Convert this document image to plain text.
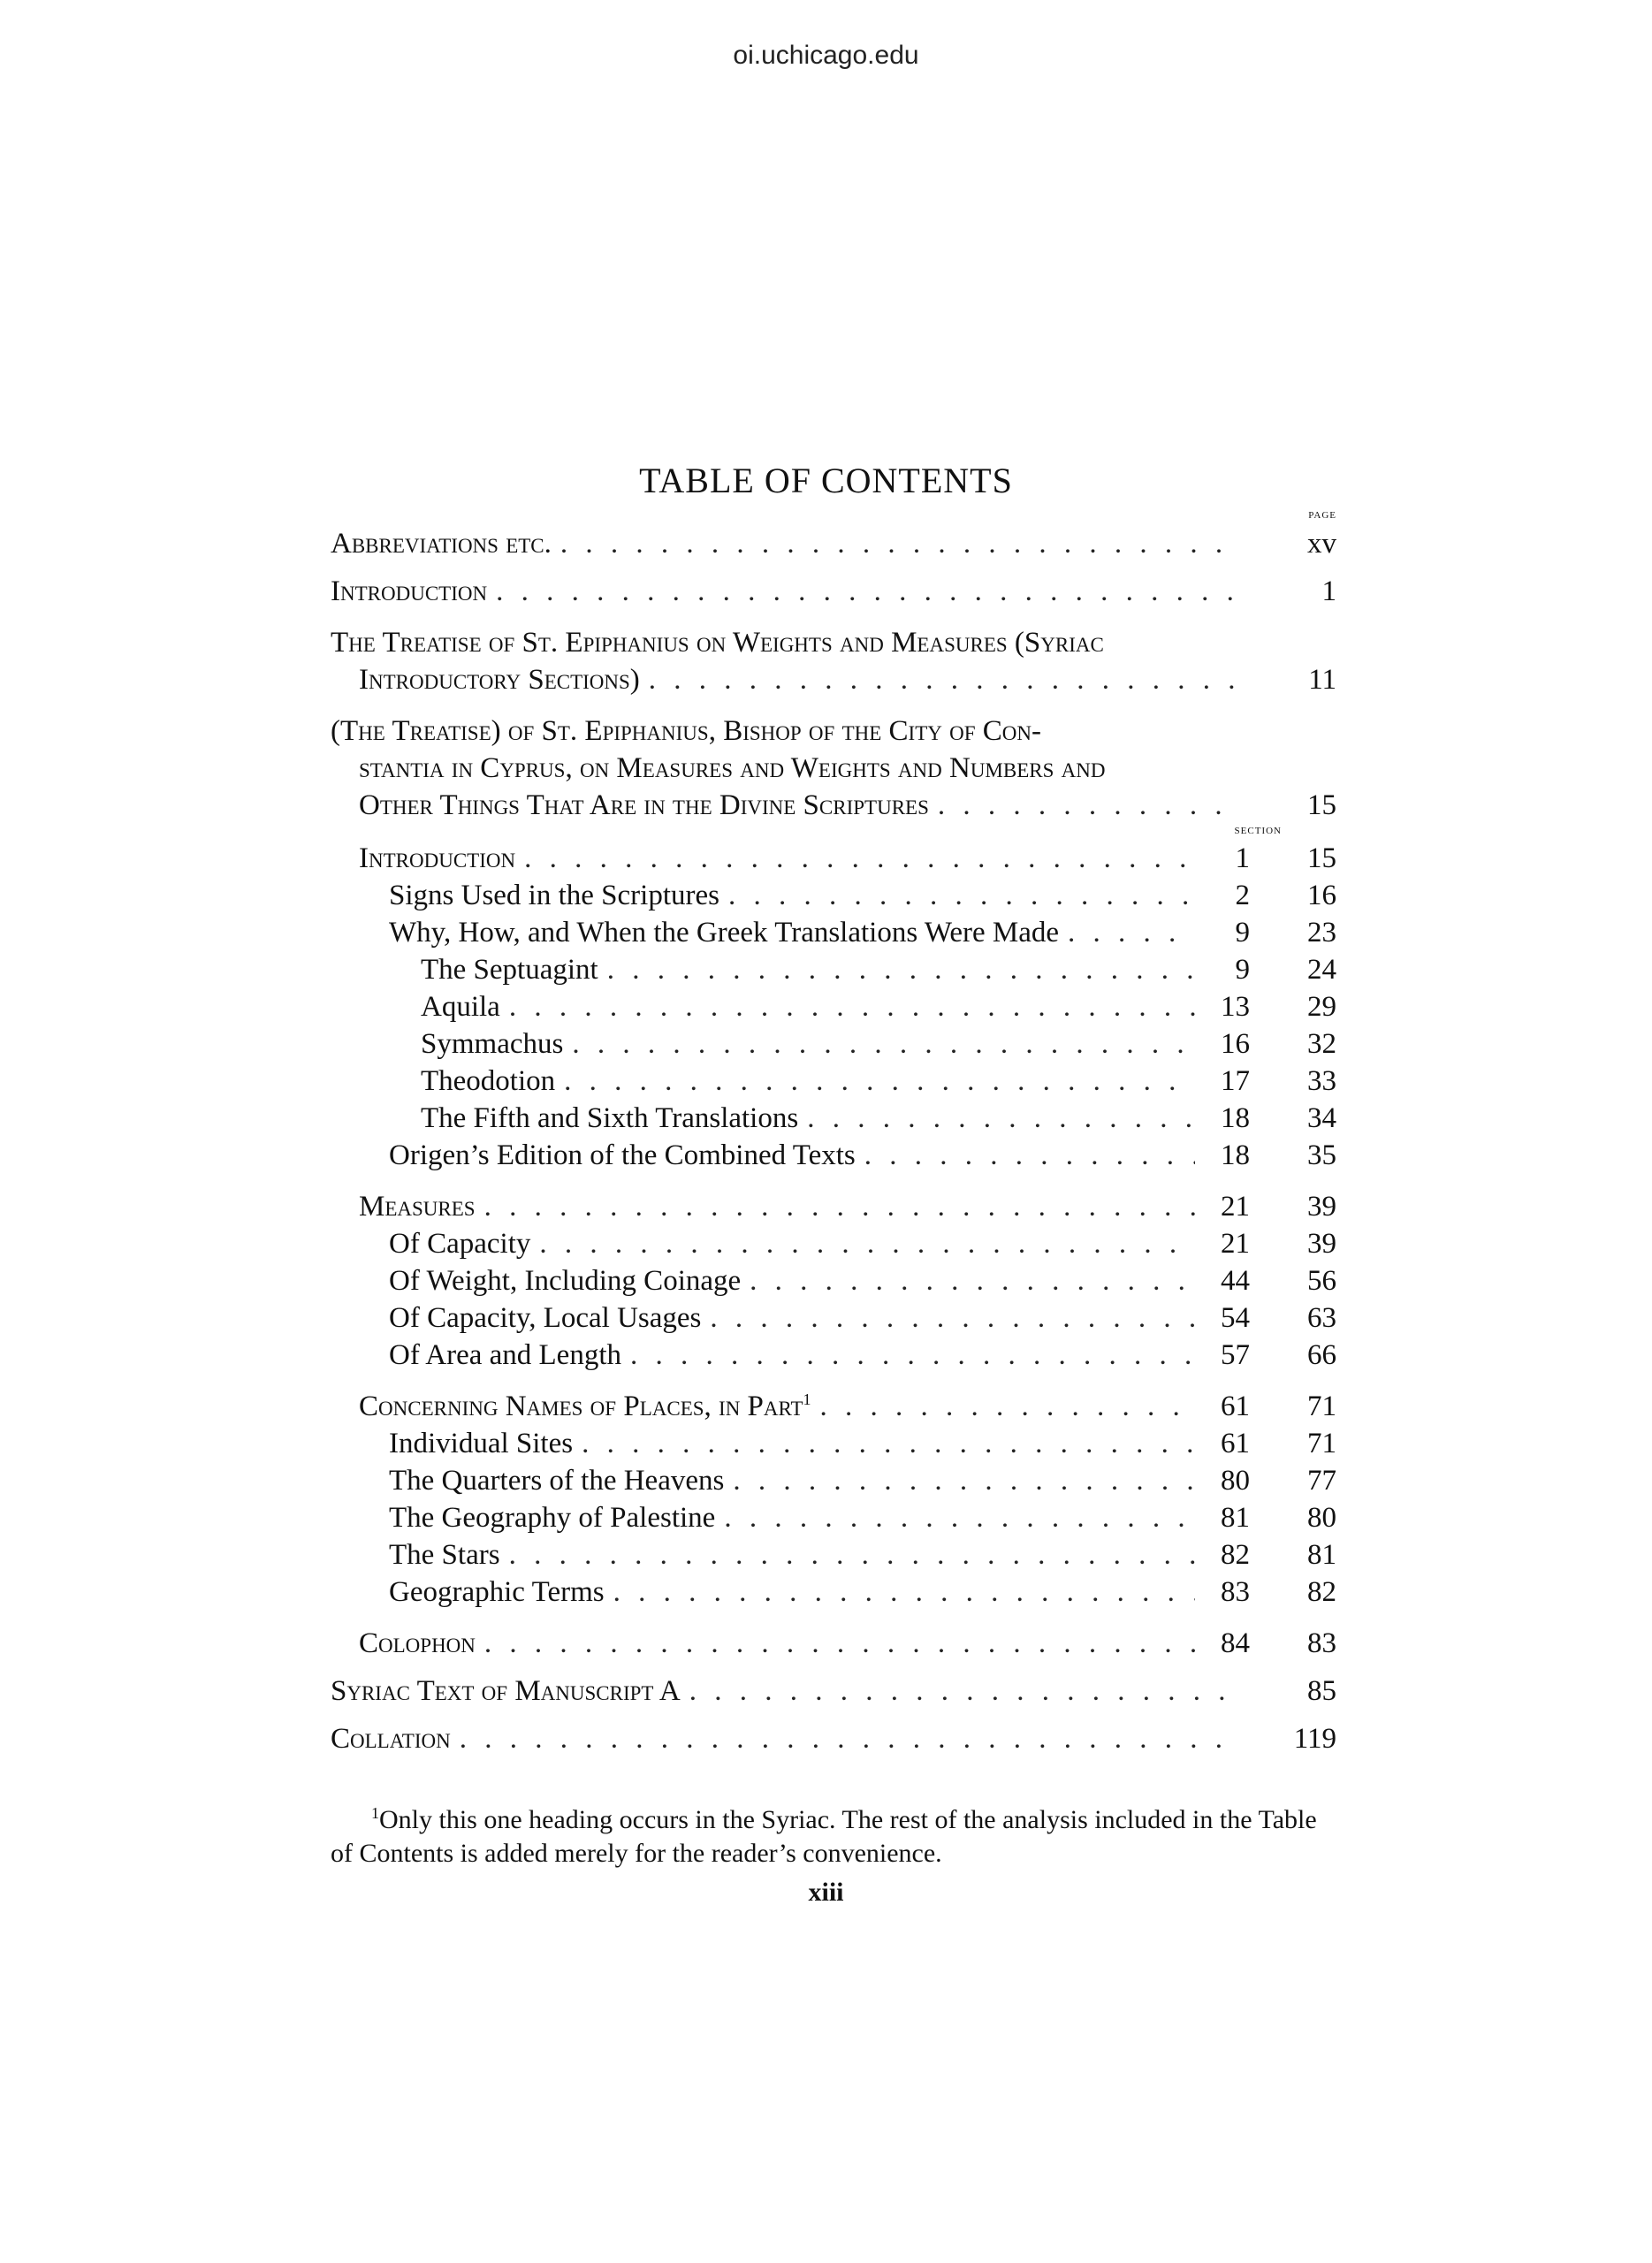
oi.uchicago.edu
TABLE OF CONTENTS
page
Abbreviations etc. . . .	xv
Introduction . . .	1
The Treatise of St. Epiphanius on Weights and Measures (Syriac
Introductory Sections) . . .	11
(The Treatise) of St. Epiphanius, Bishop of the City of Con-
stantia in Cyprus, on Measures and Weights and Numbers and
Other Things That Are in the Divine Scriptures . . .	15
section
Introduction . . .	1	15
Signs Used in the Scriptures . . .	2	16
Why, How, and When the Greek Translations Were Made . . .	9	23
The Septuagint . . .	9	24
Aquila . . .	13	29
Symmachus . . .	16	32
Theodotion . . .	17	33
The Fifth and Sixth Translations . . .	18	34
Origen’s Edition of the Combined Texts . . .	18	35
Measures . . .	21	39
Of Capacity . . .	21	39
Of Weight, Including Coinage . . .	44	56
Of Capacity, Local Usages . . .	54	63
Of Area and Length . . .	57	66
Concerning Names of Places, in Part$^1$ . . .	61	71
Individual Sites . . .	61	71
The Quarters of the Heavens . . .	80	77
The Geography of Palestine . . .	81	80
The Stars . . .	82	81
Geographic Terms . . .	83	82
Colophon . . .	84	83
Syriac Text of Manuscript A . . .	85
Collation . . .	119
$^1$Only this one heading occurs in the Syriac. The rest of the analysis included in the Table of Contents is added merely for the reader’s convenience.
xiii
